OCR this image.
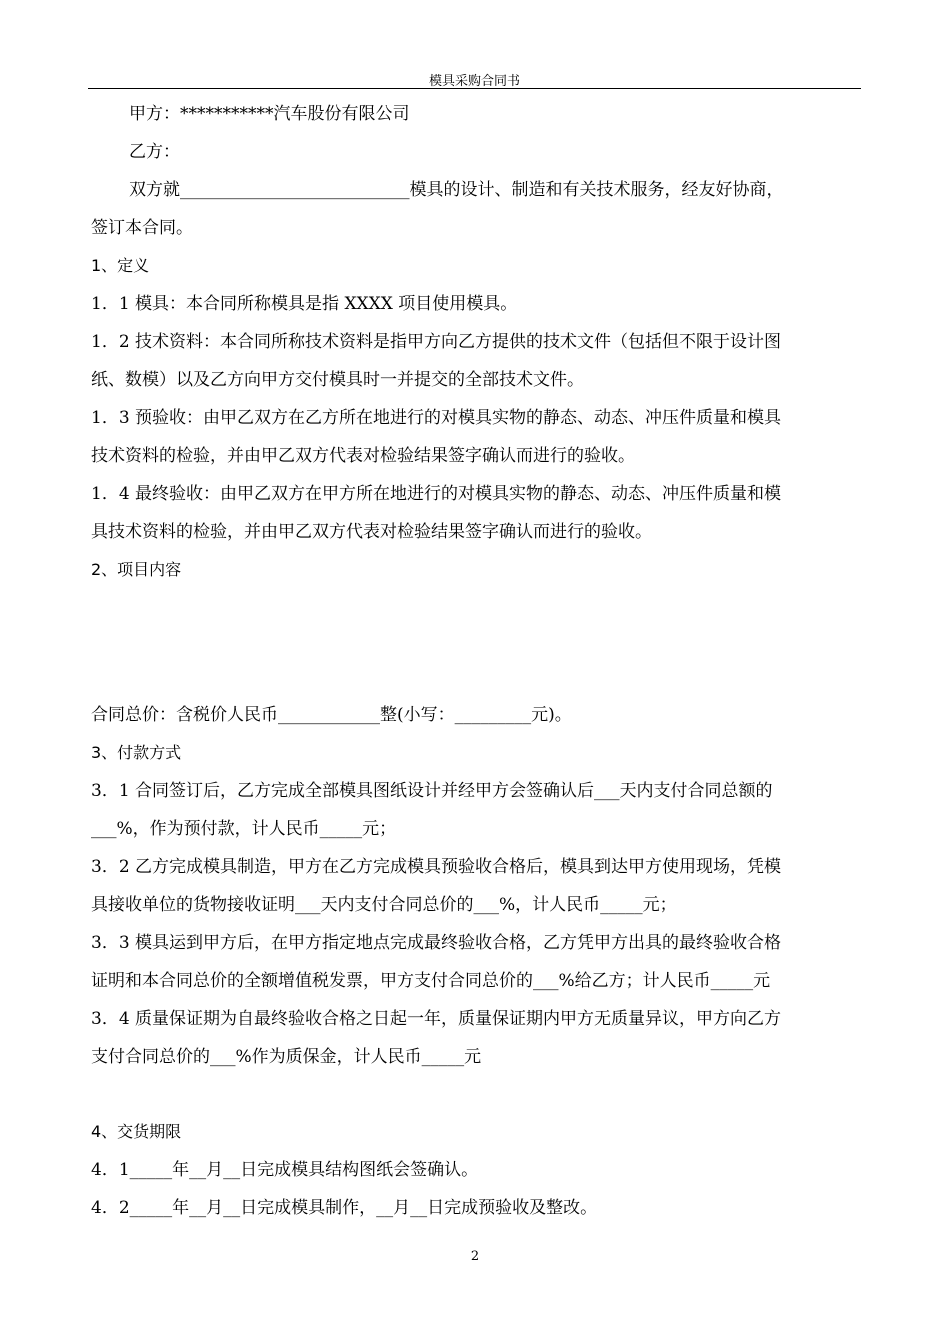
模具采购合同书

甲方：***********汽车股份有限公司

乙方：

双方就___________________________模具的设计、制造和有关技术服务，经友好协商，

签订本合同。

1、定义

1．1 模具：本合同所称模具是指 XXXX 项目使用模具。

1．2 技术资料：本合同所称技术资料是指甲方向乙方提供的技术文件（包括但不限于设计图

纸、数模）以及乙方向甲方交付模具时一并提交的全部技术文件。

1．3 预验收：由甲乙双方在乙方所在地进行的对模具实物的静态、动态、冲压件质量和模具

技术资料的检验，并由甲乙双方代表对检验结果签字确认而进行的验收。

1．4 最终验收：由甲乙双方在甲方所在地进行的对模具实物的静态、动态、冲压件质量和模

具技术资料的检验，并由甲乙双方代表对检验结果签字确认而进行的验收。

2、项目内容

合同总价：含税价人民币____________整(小写：_________元)。

3、付款方式

3．1 合同签订后，乙方完成全部模具图纸设计并经甲方会签确认后___天内支付合同总额的

___%，作为预付款，计人民币_____元；

3．2 乙方完成模具制造，甲方在乙方完成模具预验收合格后，模具到达甲方使用现场，凭模

具接收单位的货物接收证明___天内支付合同总价的___%，计人民币_____元；

3．3 模具运到甲方后，在甲方指定地点完成最终验收合格，乙方凭甲方出具的最终验收合格

证明和本合同总价的全额增值税发票，甲方支付合同总价的___%给乙方；计人民币_____元

3．4 质量保证期为自最终验收合格之日起一年，质量保证期内甲方无质量异议，甲方向乙方

支付合同总价的___%作为质保金，计人民币_____元

4、交货期限

4．1_____年__月__日完成模具结构图纸会签确认。

4．2_____年__月__日完成模具制作，__月__日完成预验收及整改。

2
